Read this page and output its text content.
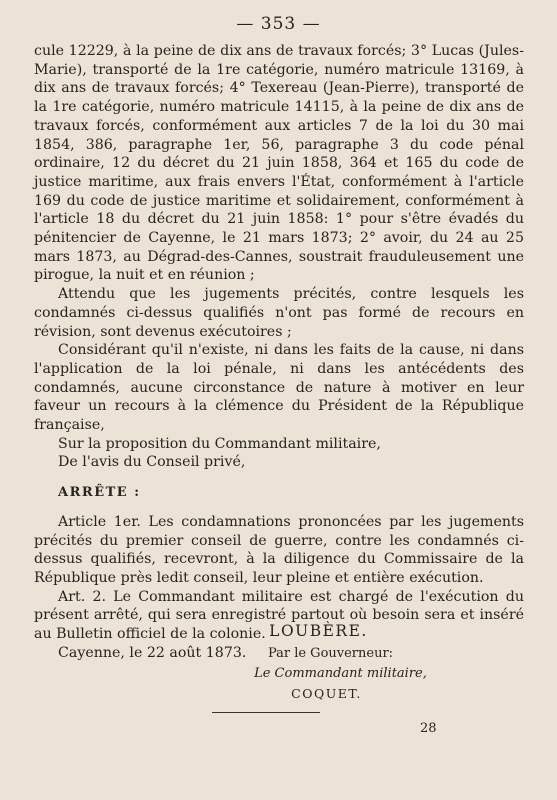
— 353 —

cule 12229, à la peine de dix ans de travaux forcés; 3° Lucas (Jules-Marie), transporté de la 1re catégorie, numéro matricule 13169, à dix ans de travaux forcés; 4° Texereau (Jean-Pierre), transporté de la 1re catégorie, numéro matricule 14115, à la peine de dix ans de travaux forcés, conformément aux articles 7 de la loi du 30 mai 1854, 386, paragraphe 1er, 56, paragraphe 3 du code pénal ordinaire, 12 du décret du 21 juin 1858, 364 et 165 du code de justice maritime, aux frais envers l'État, conformément à l'article 169 du code de justice maritime et solidairement, conformément à l'article 18 du décret du 21 juin 1858: 1° pour s'être évadés du pénitencier de Cayenne, le 21 mars 1873; 2° avoir, du 24 au 25 mars 1873, au Dégrad-des-Cannes, soustrait frauduleusement une pirogue, la nuit et en réunion ;

Attendu que les jugements précités, contre lesquels les condamnés ci-dessus qualifiés n'ont pas formé de recours en révision, sont devenus exécutoires ;

Considérant qu'il n'existe, ni dans les faits de la cause, ni dans l'application de la loi pénale, ni dans les antécédents des condamnés, aucune circonstance de nature à motiver en leur faveur un recours à la clémence du Président de la République française,

Sur la proposition du Commandant militaire,

De l'avis du Conseil privé,

ARRÊTE :

Article 1er. Les condamnations prononcées par les jugements précités du premier conseil de guerre, contre les condamnés ci-dessus qualifiés, recevront, à la diligence du Commissaire de la République près ledit conseil, leur pleine et entière exécution.

Art. 2. Le Commandant militaire est chargé de l'exécution du présent arrêté, qui sera enregistré partout où besoin sera et inséré au Bulletin officiel de la colonie.

Cayenne, le 22 août 1873.

LOUBÈRE.
Par le Gouverneur:
Le Commandant militaire,
COQUET.
28
